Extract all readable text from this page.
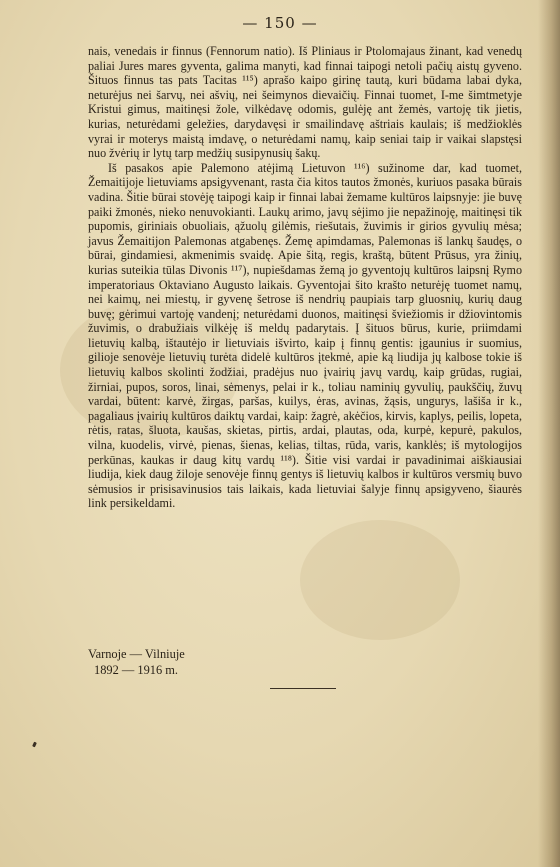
— 150 —

nais, venedais ir finnus (Fennorum natio). Iš Pliniaus ir Ptolomajaus žinant, kad venedų paliai Jures mares gyventa, galima manyti, kad finnai taipogi netoli pačių aistų gyveno. Šituos finnus tas pats Tacitas ¹¹⁵) aprašo kaipo girinę tautą, kuri būdama labai dyka, neturėjus nei šarvų, nei ašvių, nei šeimynos dievaičių. Finnai tuomet, I-me šimtmetyje Kristui gimus, maitinęsi žole, vilkėdavę odomis, gulėję ant žemės, vartoję tik jietis, kurias, neturėdami geležies, darydavęsi ir smailindavę aštriais kaulais; iš medžioklės vyrai ir moterys maistą imdavę, o neturėdami namų, kaip seniai taip ir vaikai slapstęsi nuo žvėrių ir lytų tarp medžių susipynusių šakų.

Iš pasakos apie Palemono atėjimą Lietuvon ¹¹⁶) sužinome dar, kad tuomet, Žemaitijoje lietuviams apsigyvenant, rasta čia kitos tautos žmonės, kuriuos pasaka būrais vadina. Šitie būrai stovėję taipogi kaip ir finnai labai žemame kultūros laipsnyje: jie buvę paiki žmonės, nieko nenuvokianti. Laukų arimo, javų sėjimo jie nepažinoję, maitinęsi tik pupomis, giriniais obuoliais, ąžuolų gilėmis, riešutais, žuvimis ir girios gyvulių mėsa; javus Žemaitijon Palemonas atgabenęs. Žemę apimdamas, Palemonas iš lankų šaudęs, o būrai, gindamiesi, akmenimis svaidę. Apie šitą, regis, kraštą, būtent Prūsus, yra žinių, kurias suteikia tūlas Divonis ¹¹⁷), nupiešdamas žemą jo gyventojų kultūros laipsnį Rymo imperatoriaus Oktaviano Augusto laikais. Gyventojai šito krašto neturėję tuomet namų, nei kaimų, nei miestų, ir gyvenę šetrose iš nendrių paupiais tarp gluosnių, kurių daug buvę; gėrimui vartoję vandenį; neturėdami duonos, maitinęsi šviežiomis ir džiovintomis žuvimis, o drabužiais vilkėję iš meldų padarytais. Į šituos būrus, kurie, priimdami lietuvių kalbą, ištautėjo ir lietuviais išvirto, kaip į finnų gentis: įgaunius ir suomius, gilioje senovėje lietuvių turėta didelė kultūros įtekmė, apie ką liudija jų kalbose tokie iš lietuvių kalbos skolinti žodžiai, pradėjus nuo įvairių javų vardų, kaip grūdas, rugiai, žirniai, pupos, soros, linai, sėmenys, pelai ir k., toliau naminių gyvulių, paukščių, žuvų vardai, būtent: karvė, žirgas, paršas, kuilys, ėras, avinas, žąsis, ungurys, lašiša ir k., pagaliaus įvairių kultūros daiktų vardai, kaip: žagrė, akėčios, kirvis, kaplys, peilis, lopeta, rėtis, ratas, šluota, kaušas, skietas, pirtis, ardai, plautas, oda, kurpė, kepurė, pakulos, vilna, kuodelis, virvė, pienas, šienas, kelias, tiltas, rūda, varis, kanklės; iš mytologijos perkūnas, kaukas ir daug kitų vardų ¹¹⁸). Šitie visi vardai ir pavadinimai aiškiausiai liudija, kiek daug žiloje senovėje finnų gentys iš lietuvių kalbos ir kultūros versmių buvo sėmusios ir prisisavinusios tais laikais, kada lietuviai šalyje finnų apsigyveno, šiaurės link persikeldami.

Varnoje — Vilniuje
1892 — 1916 m.
